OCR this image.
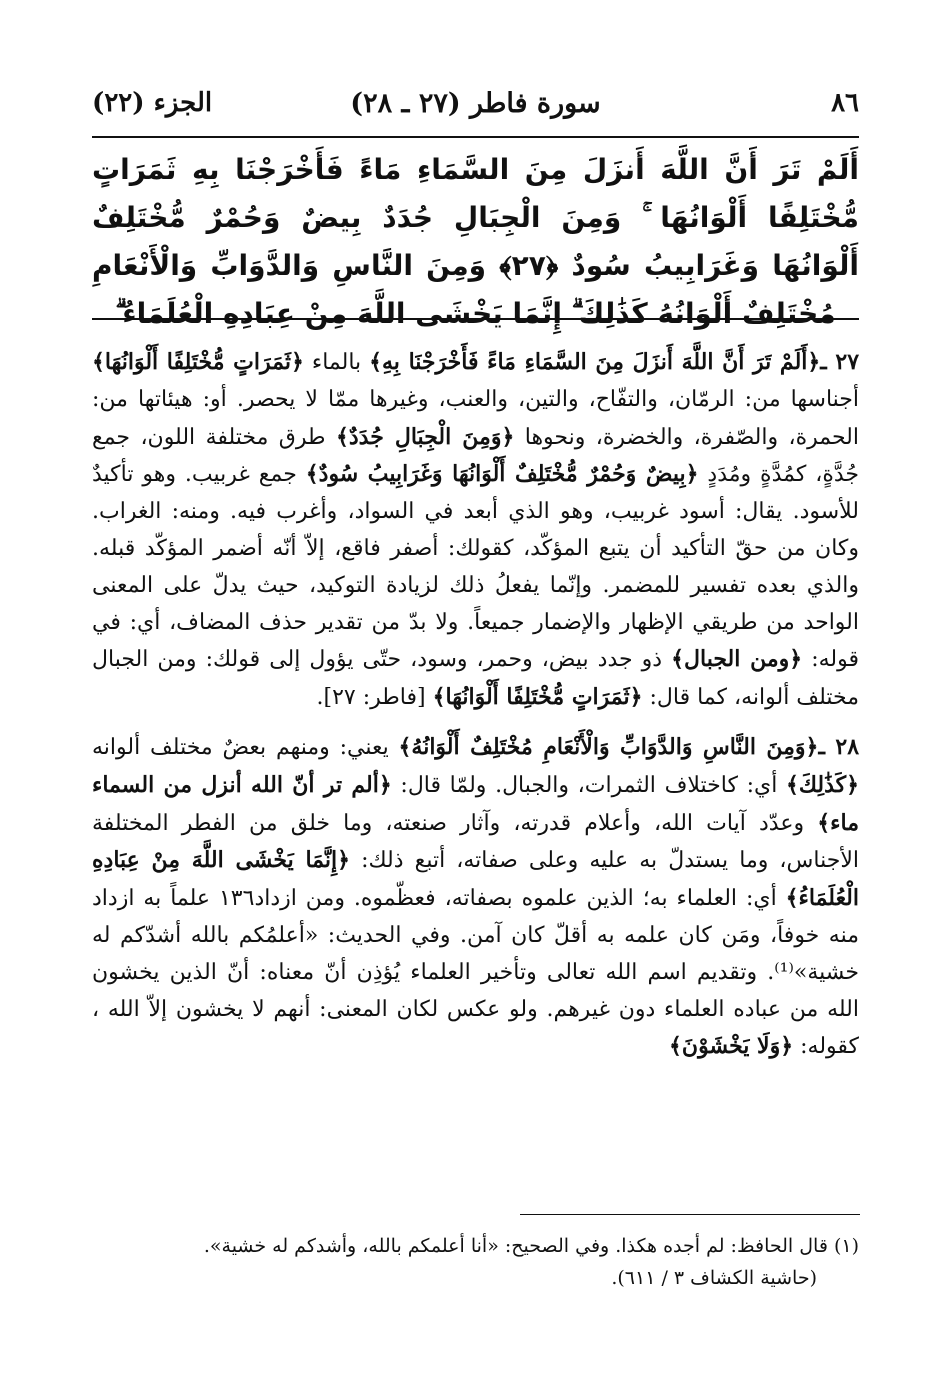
٨٦
سورة فاطر (٢٧ ـ ٢٨)
الجزء (٢٢)
أَلَمْ تَرَ أَنَّ اللَّهَ أَنزَلَ مِنَ السَّمَاءِ مَاءً فَأَخْرَجْنَا بِهِ ثَمَرَاتٍ مُّخْتَلِفًا أَلْوَانُهَا ۚ وَمِنَ الْجِبَالِ جُدَدٌ بِيضٌ وَحُمْرٌ مُّخْتَلِفٌ أَلْوَانُهَا وَغَرَابِيبُ سُودٌ ﴿٢٧﴾ وَمِنَ النَّاسِ وَالدَّوَابِّ وَالْأَنْعَامِ مُخْتَلِفٌ أَلْوَانُهُ كَذَٰلِكَ ۗ إِنَّمَا يَخْشَى اللَّهَ مِنْ عِبَادِهِ الْعُلَمَاءُ ۗ

٢٧ ـ﴿أَلَمْ تَرَ أَنَّ اللَّهَ أَنزَلَ مِنَ السَّمَاءِ مَاءً فَأَخْرَجْنَا بِهِ﴾ بالماء ﴿ثَمَرَاتٍ مُّخْتَلِفًا أَلْوَانُهَا﴾ أجناسها من: الرمّان، والتفّاح، والتين، والعنب، وغيرها ممّا لا يحصر. أو: هيئاتها من: الحمرة، والصّفرة، والخضرة، ونحوها ﴿وَمِنَ الْجِبَالِ جُدَدٌ﴾ طرق مختلفة اللون، جمع جُدَّةٍ، كمُدَّةٍ ومُدَدٍ ﴿بِيضٌ وَحُمْرٌ مُّخْتَلِفٌ أَلْوَانُهَا وَغَرَابِيبُ سُودٌ﴾ جمع غربيب. وهو تأكيدٌ للأسود. يقال: أسود غربيب، وهو الذي أبعد في السواد، وأغرب فيه. ومنه: الغراب. وكان من حقّ التأكيد أن يتبع المؤكّد، كقولك: أصفر فاقع، إلاّ أنّه أضمر المؤكّد قبله. والذي بعده تفسير للمضمر. وإنّما يفعلُ ذلك لزيادة التوكيد، حيث يدلّ على المعنى الواحد من طريقي الإظهار والإضمار جميعاً. ولا بدّ من تقدير حذف المضاف، أي: في قوله: ﴿ومن الجبال﴾ ذو جدد بيض، وحمر، وسود، حتّى يؤول إلى قولك: ومن الجبال مختلف ألوانه، كما قال: ﴿ثَمَرَاتٍ مُّخْتَلِفًا أَلْوَانُهَا﴾ [فاطر: ٢٧].

٢٨ ـ﴿وَمِنَ النَّاسِ وَالدَّوَابِّ وَالْأَنْعَامِ مُخْتَلِفٌ أَلْوَانُهُ﴾ يعني: ومنهم بعضٌ مختلف ألوانه ﴿كَذَٰلِكَ﴾ أي: كاختلاف الثمرات، والجبال. ولمّا قال: ﴿ألم تر أنّ الله أنزل من السماء ماء﴾ وعدّد آيات الله، وأعلام قدرته، وآثار صنعته، وما خلق من الفطر المختلفة الأجناس، وما يستدلّ به عليه وعلى صفاته، أتبع ذلك: ﴿إِنَّمَا يَخْشَى اللَّهَ مِنْ عِبَادِهِ الْعُلَمَاءُ﴾ أي: العلماء به؛ الذين علموه بصفاته، فعظّموه. ومن ازداد١٣٦ علماً به ازداد منه خوفاً، ومَن كان علمه به أقلّ كان آمن. وفي الحديث: «أعلمُكم بالله أشدّكم له خشية»⁽¹⁾. وتقديم اسم الله تعالى وتأخير العلماء يُؤذِن أنّ معناه: أنّ الذين يخشون الله من عباده العلماء دون غيرهم. ولو عكس لكان المعنى: أنهم لا يخشون إلاّ الله ، كقوله: ﴿وَلَا يَخْشَوْنَ﴾

(١) قال الحافظ: لم أجده هكذا. وفي الصحيح: «أنا أعلمكم بالله، وأشدكم له خشية».

(حاشية الكشاف ٣ / ٦١١).
